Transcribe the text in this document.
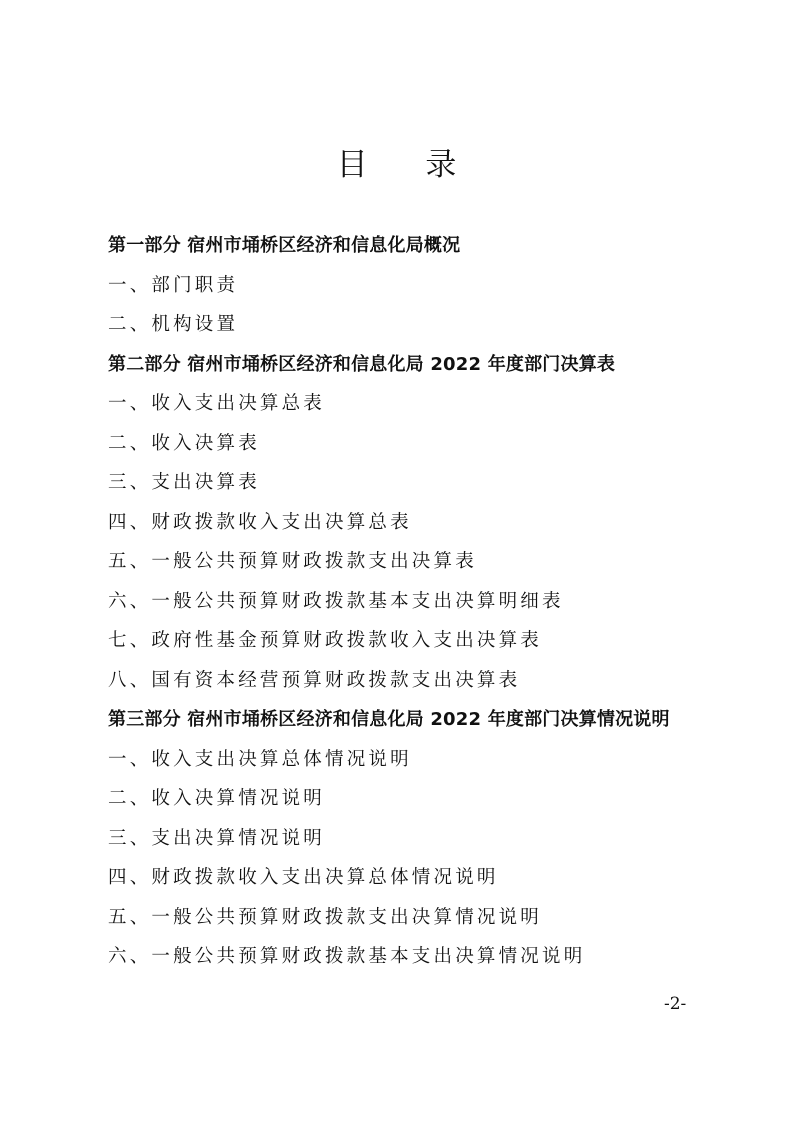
目 录
第一部分 宿州市埇桥区经济和信息化局概况
一、部门职责
二、机构设置
第二部分 宿州市埇桥区经济和信息化局 2022 年度部门决算表
一、收入支出决算总表
二、收入决算表
三、支出决算表
四、财政拨款收入支出决算总表
五、一般公共预算财政拨款支出决算表
六、一般公共预算财政拨款基本支出决算明细表
七、政府性基金预算财政拨款收入支出决算表
八、国有资本经营预算财政拨款支出决算表
第三部分 宿州市埇桥区经济和信息化局 2022 年度部门决算情况说明
一、收入支出决算总体情况说明
二、收入决算情况说明
三、支出决算情况说明
四、财政拨款收入支出决算总体情况说明
五、一般公共预算财政拨款支出决算情况说明
六、一般公共预算财政拨款基本支出决算情况说明
-2-
